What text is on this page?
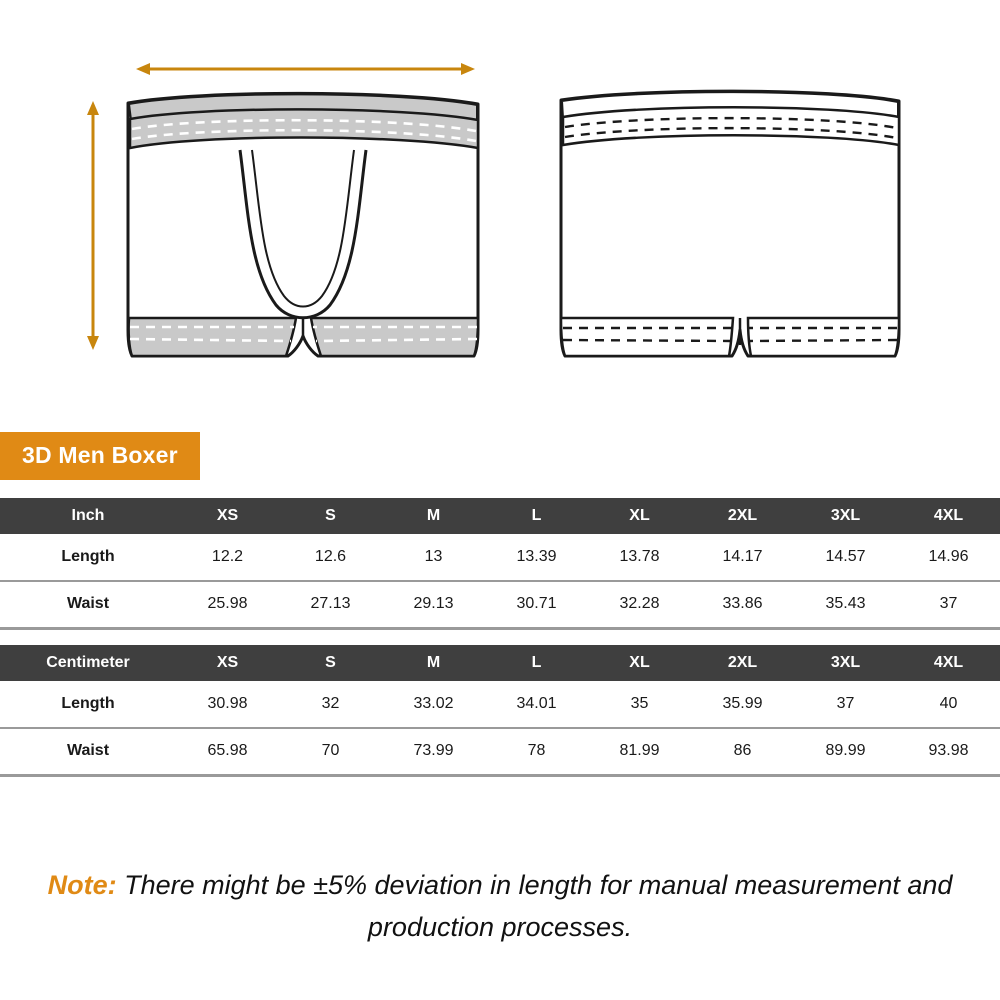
3D Men Boxer
Inch	XS	S	M	L	XL	2XL	3XL	4XL
Length	12.2	12.6	13	13.39	13.78	14.17	14.57	14.96
Waist	25.98	27.13	29.13	30.71	32.28	33.86	35.43	37
Centimeter	XS	S	M	L	XL	2XL	3XL	4XL
Length	30.98	32	33.02	34.01	35	35.99	37	40
Waist	65.98	70	73.99	78	81.99	86	89.99	93.98
Note: There might be ±5% deviation in length for manual measurement and production processes.
